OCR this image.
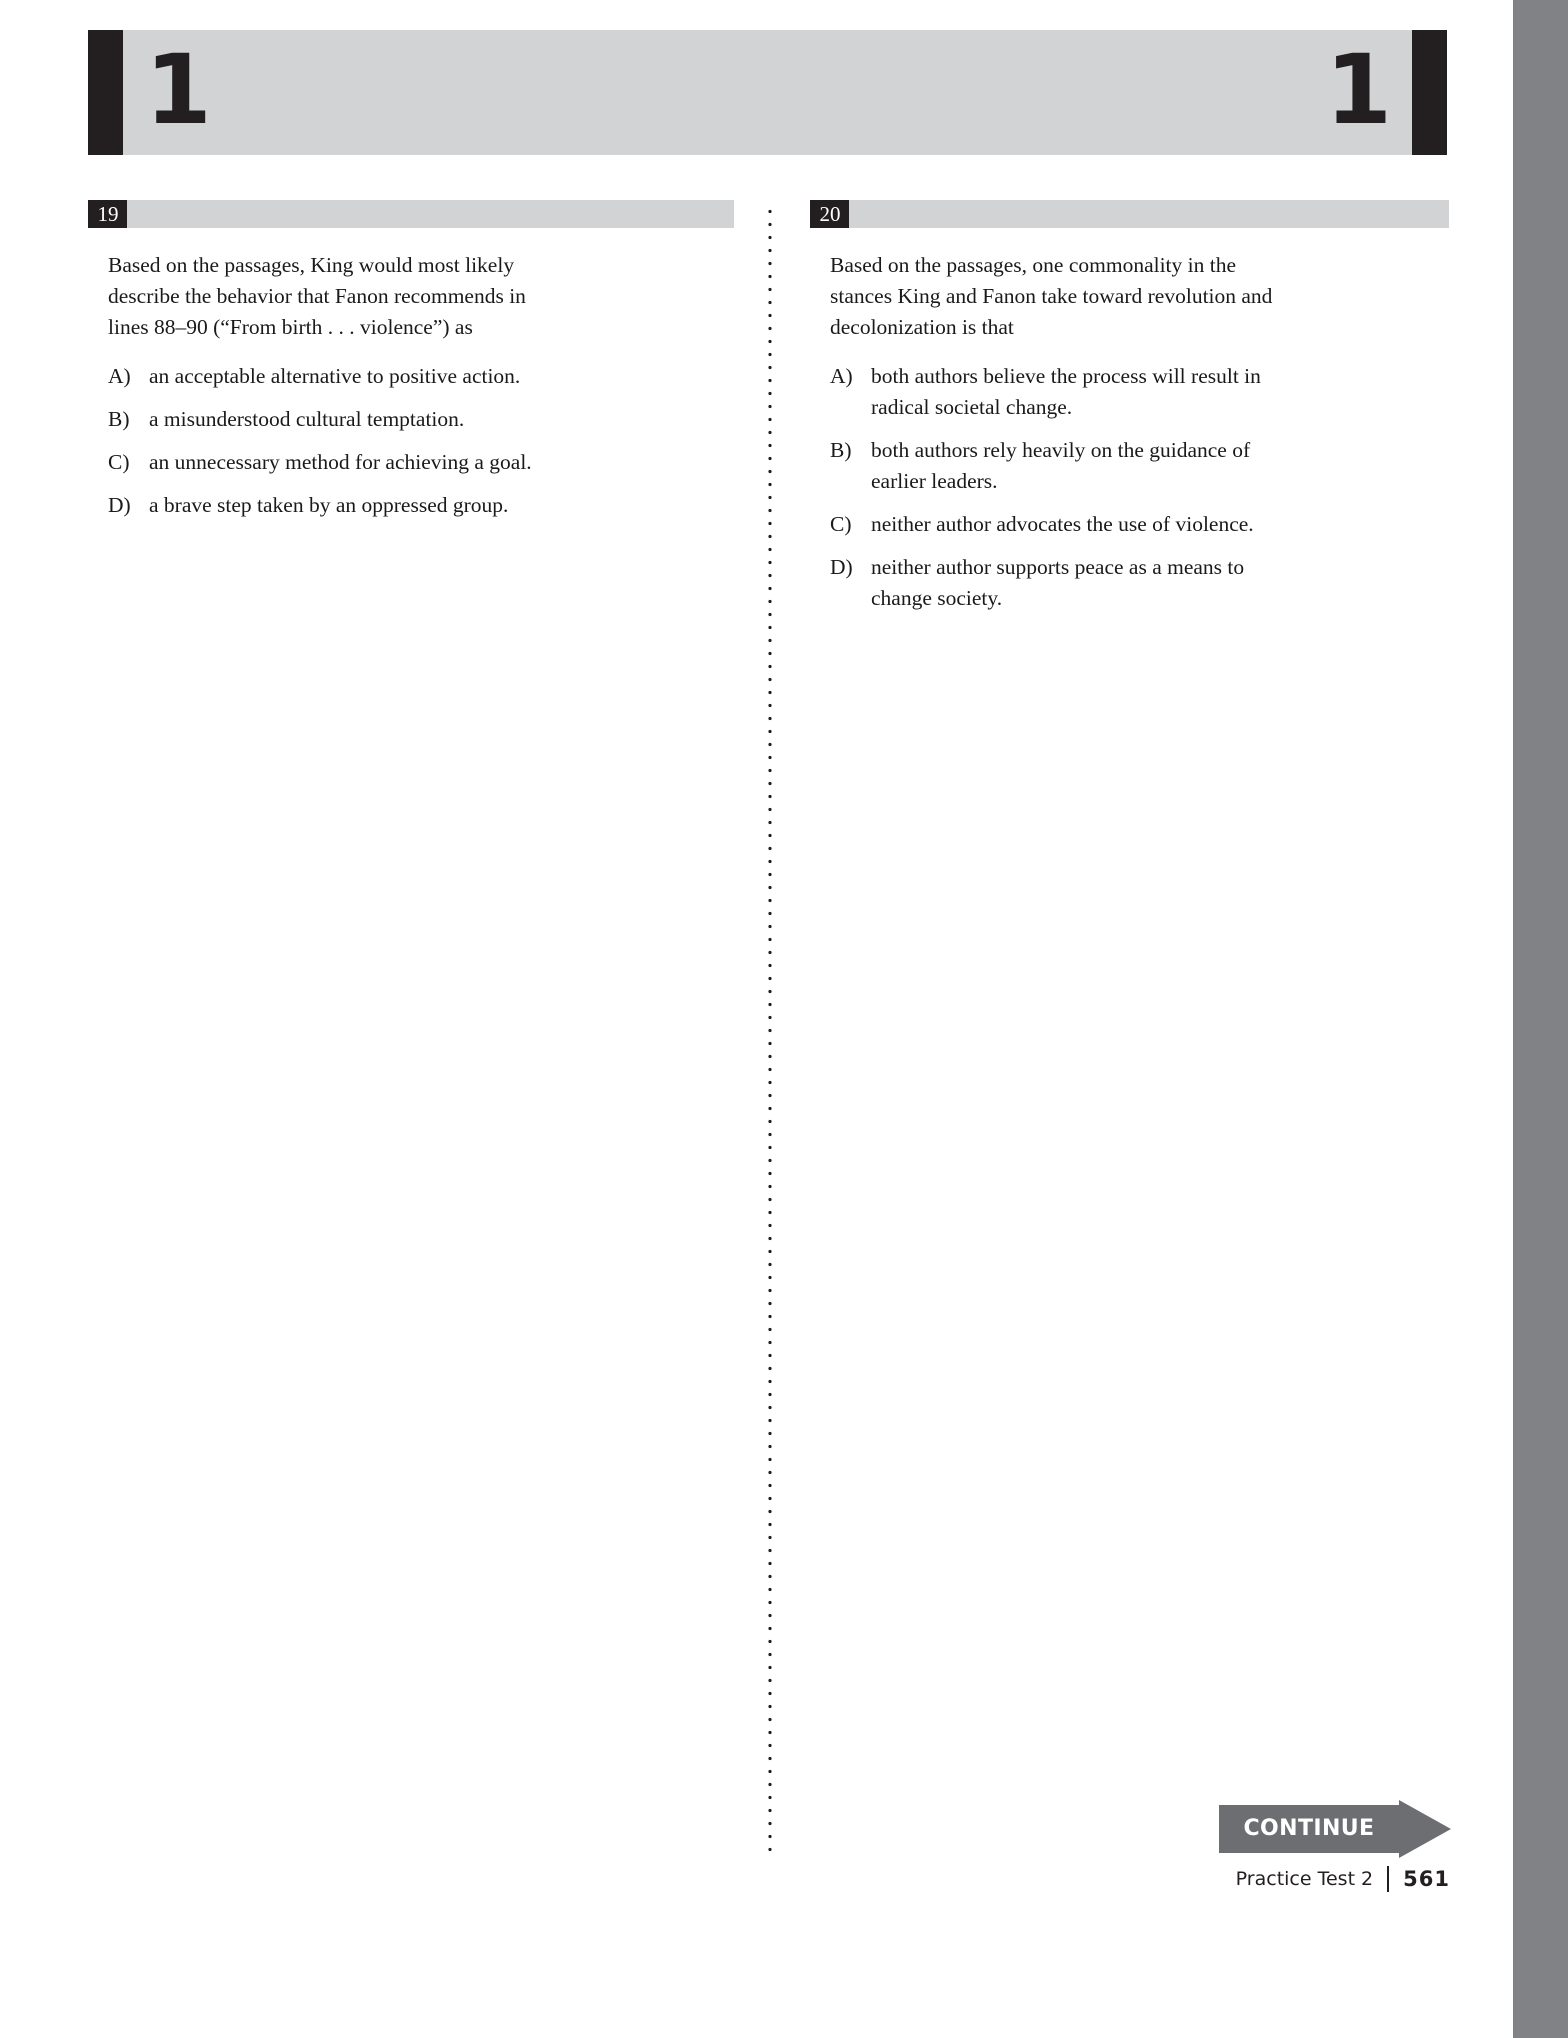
1	1
19

Based on the passages, King would most likely describe the behavior that Fanon recommends in lines 88–90 (“From birth . . . violence”) as

A) an acceptable alternative to positive action.
B) a misunderstood cultural temptation.
C) an unnecessary method for achieving a goal.
D) a brave step taken by an oppressed group.
20

Based on the passages, one commonality in the stances King and Fanon take toward revolution and decolonization is that

A) both authors believe the process will result in radical societal change.
B) both authors rely heavily on the guidance of earlier leaders.
C) neither author advocates the use of violence.
D) neither author supports peace as a means to change society.
CONTINUE
Practice Test 2 561
